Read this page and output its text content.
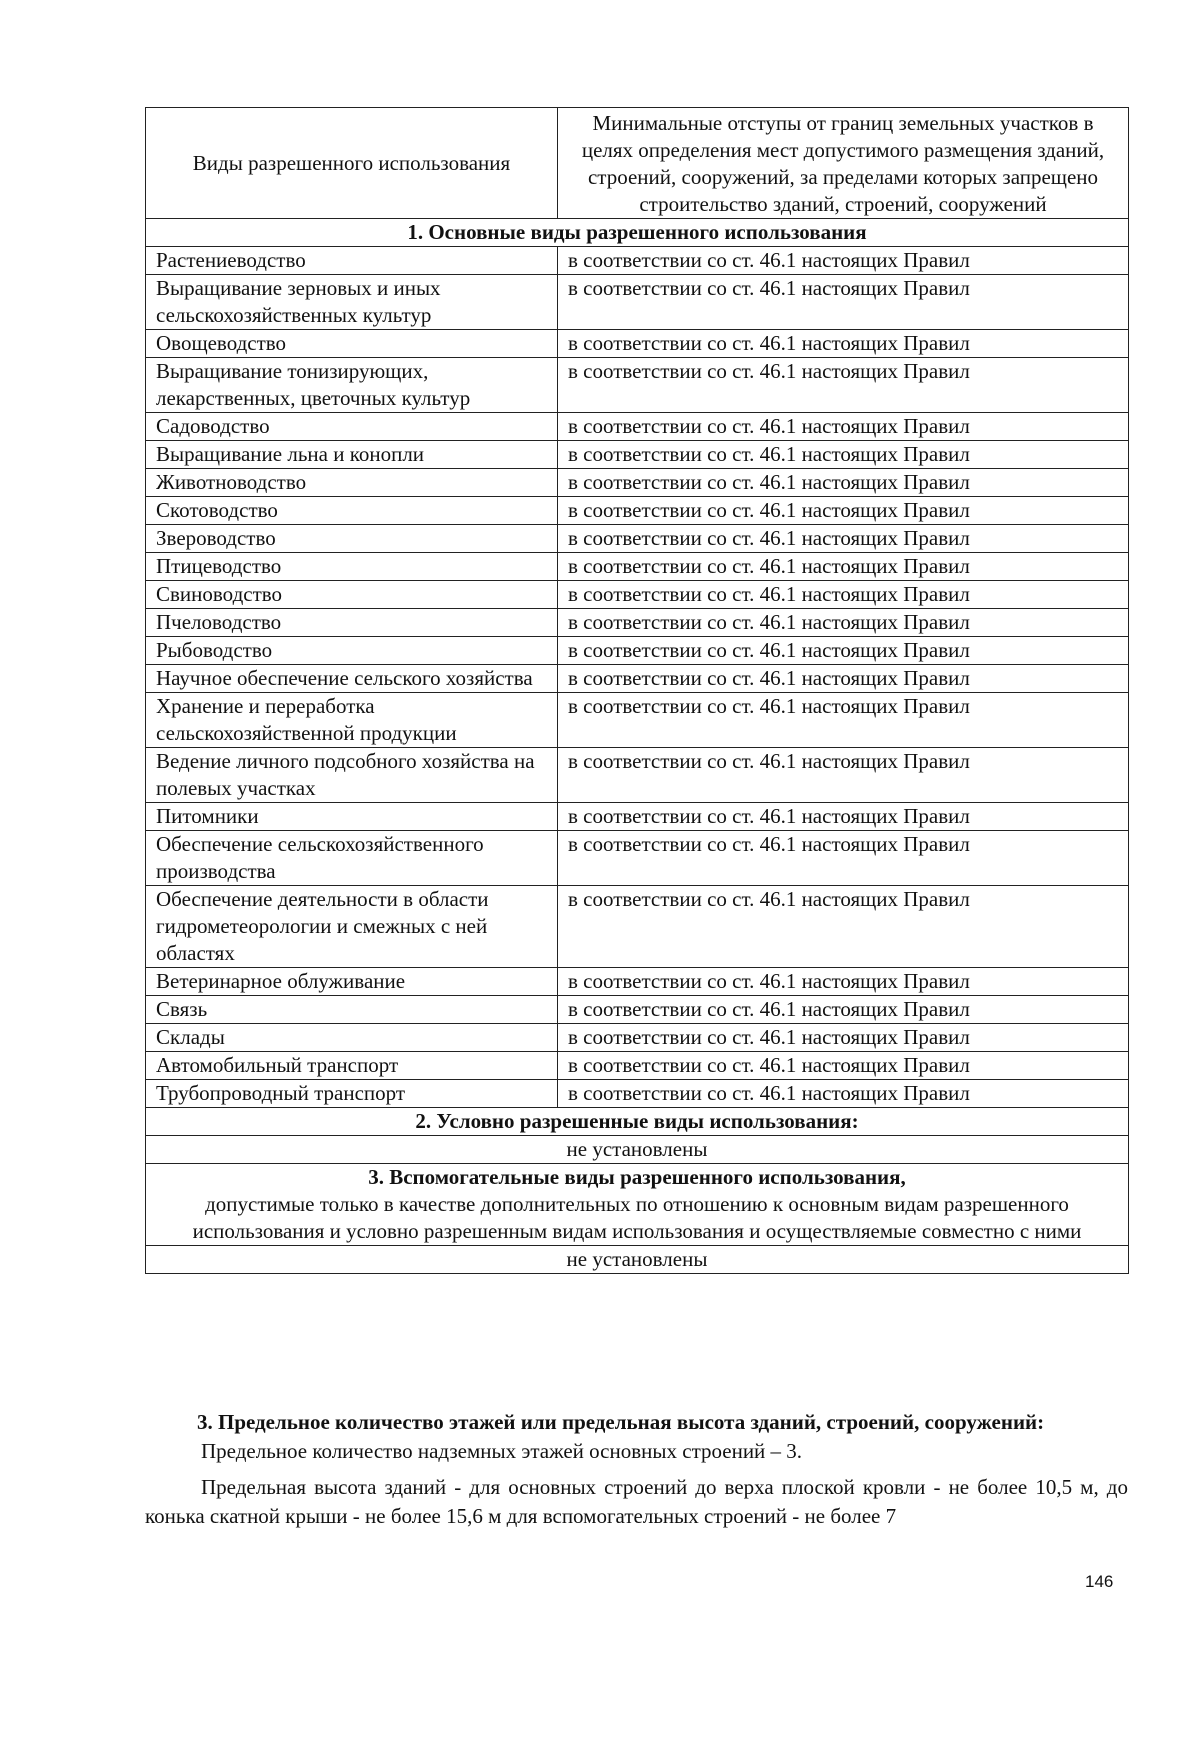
Виды разрешенного использования	Минимальные отступы от границ земельных участков в целях определения мест допустимого размещения зданий, строений, сооружений, за пределами которых запрещено строительство зданий, строений, сооружений
1. Основные виды разрешенного использования	
Растениеводство	в соответствии со ст. 46.1 настоящих Правил
Выращивание зерновых и иных сельскохозяйственных культур	в соответствии со ст. 46.1 настоящих Правил
Овощеводство	в соответствии со ст. 46.1 настоящих Правил
Выращивание тонизирующих, лекарственных, цветочных культур	в соответствии со ст. 46.1 настоящих Правил
Садоводство	в соответствии со ст. 46.1 настоящих Правил
Выращивание льна и конопли	в соответствии со ст. 46.1 настоящих Правил
Животноводство	в соответствии со ст. 46.1 настоящих Правил
Скотоводство	в соответствии со ст. 46.1 настоящих Правил
Звероводство	в соответствии со ст. 46.1 настоящих Правил
Птицеводство	в соответствии со ст. 46.1 настоящих Правил
Свиноводство	в соответствии со ст. 46.1 настоящих Правил
Пчеловодство	в соответствии со ст. 46.1 настоящих Правил
Рыбоводство	в соответствии со ст. 46.1 настоящих Правил
Научное обеспечение сельского хозяйства	в соответствии со ст. 46.1 настоящих Правил
Хранение и переработка сельскохозяйственной продукции	в соответствии со ст. 46.1 настоящих Правил
Ведение личного подсобного хозяйства на полевых участках	в соответствии со ст. 46.1 настоящих Правил
Питомники	в соответствии со ст. 46.1 настоящих Правил
Обеспечение сельскохозяйственного производства	в соответствии со ст. 46.1 настоящих Правил
Обеспечение деятельности в области гидрометеорологии и смежных с ней областях	в соответствии со ст. 46.1 настоящих Правил
Ветеринарное облуживание	в соответствии со ст. 46.1 настоящих Правил
Связь	в соответствии со ст. 46.1 настоящих Правил
Склады	в соответствии со ст. 46.1 настоящих Правил
Автомобильный транспорт	в соответствии со ст. 46.1 настоящих Правил
Трубопроводный транспорт	в соответствии со ст. 46.1 настоящих Правил
2. Условно разрешенные виды использования:	
не установлены	

3. Вспомогательные виды разрешенного использования,
допустимые только в качестве дополнительных по отношению к основным видам разрешенного использования и условно разрешенным видам использования и осуществляемые совместно с ними	

не установлены	

3. Предельное количество этажей или предельная высота зданий, строений, сооружений:

Предельное количество надземных этажей основных строений – 3.

Предельная высота зданий - для основных строений до верха плоской кровли - не более 10,5 м, до конька скатной крыши - не более 15,6 м для вспомогательных строений - не более 7

146
